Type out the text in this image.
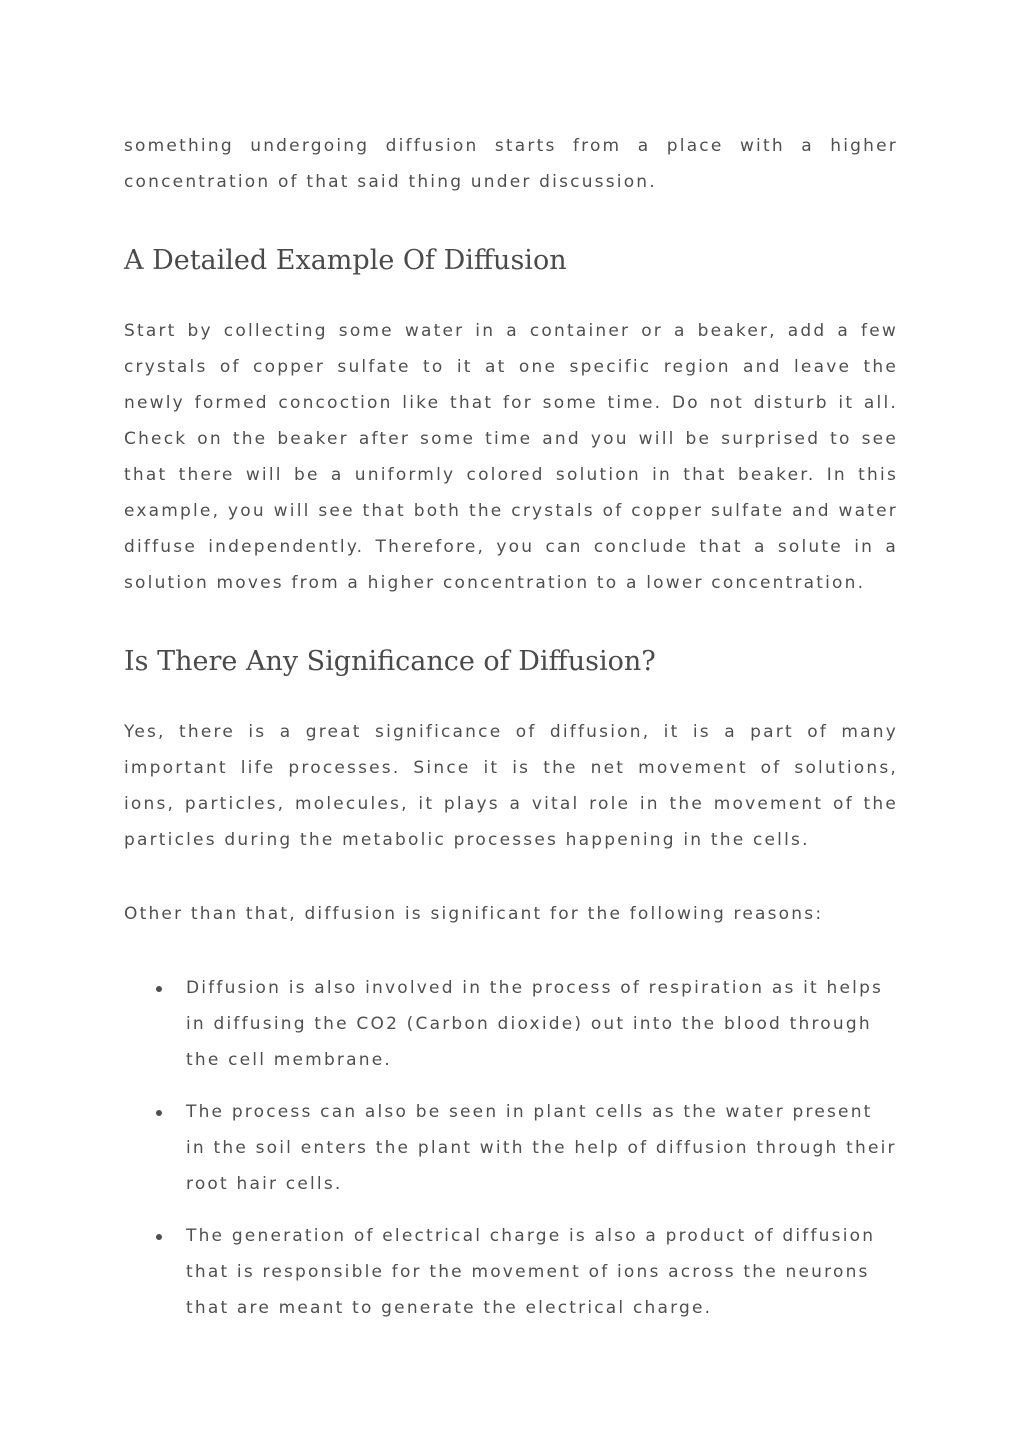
something undergoing diffusion starts from a place with a higher concentration of that said thing under discussion.

A Detailed Example Of Diffusion

Start by collecting some water in a container or a beaker, add a few crystals of copper sulfate to it at one specific region and leave the newly formed concoction like that for some time. Do not disturb it all. Check on the beaker after some time and you will be surprised to see that there will be a uniformly colored solution in that beaker. In this example, you will see that both the crystals of copper sulfate and water diffuse independently. Therefore, you can conclude that a solute in a solution moves from a higher concentration to a lower concentration.

Is There Any Significance of Diffusion?

Yes, there is a great significance of diffusion, it is a part of many important life processes. Since it is the net movement of solutions, ions, particles, molecules, it plays a vital role in the movement of the particles during the metabolic processes happening in the cells.

Other than that, diffusion is significant for the following reasons:

Diffusion is also involved in the process of respiration as it helps in diffusing the CO2 (Carbon dioxide) out into the blood through the cell membrane.

The process can also be seen in plant cells as the water present in the soil enters the plant with the help of diffusion through their root hair cells.

The generation of electrical charge is also a product of diffusion that is responsible for the movement of ions across the neurons that are meant to generate the electrical charge.
